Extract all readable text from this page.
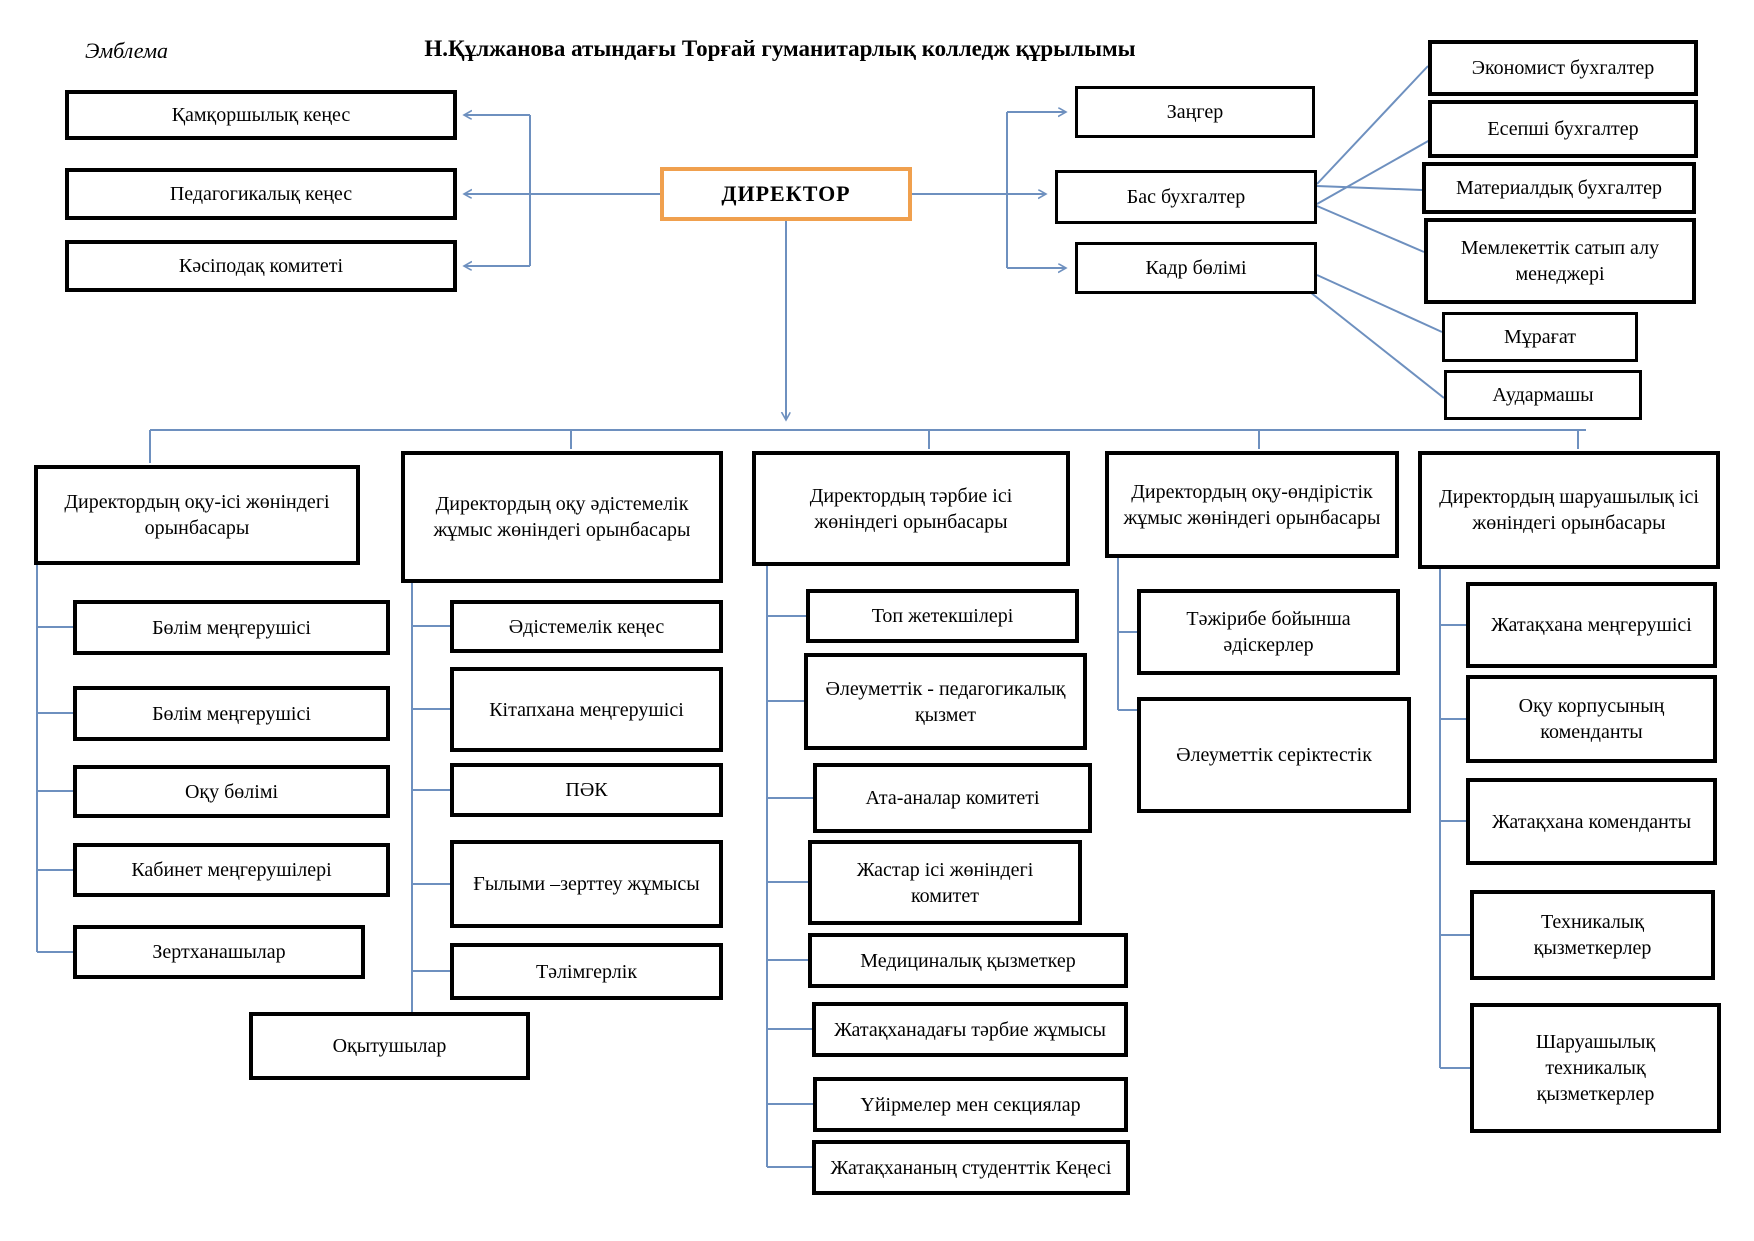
Эмблема	Н.Құлжанова атындағы Торғай гуманитарлық колледж құрылымы
Қамқоршылық кеңес
Педагогикалық кеңес
Кәсіподақ комитеті
ДИРЕКТОР
Заңгер
Бас бухгалтер
Кадр бөлімі
Экономист бухгалтер
Есепші бухгалтер
Материалдық бухгалтер
Мемлекеттік сатып алу менеджері
Мұрағат
Аудармашы
Директордың оқу-ісі жөніндегі орынбасары
Директордың оқу әдістемелік жұмыс жөніндегі орынбасары
Директордың тәрбие ісі жөніндегі орынбасары
Директордың оқу-өндірістік жұмыс жөніндегі орынбасары
Директордың шаруашылық ісі жөніндегі орынбасары
Бөлім меңгерушісі
Бөлім меңгерушісі
Оқу бөлімі
Кабинет меңгерушілері
Зертханашылар
Әдістемелік кеңес
Кітапхана меңгерушісі
ПӘК
Ғылыми –зерттеу жұмысы
Тәлімгерлік
Оқытушылар
Топ жетекшілері
Әлеуметтік - педагогикалық қызмет
Ата-аналар комитеті
Жастар ісі жөніндегі комитет
Медициналық қызметкер
Жатақханадағы тәрбие жұмысы
Үйірмелер мен секциялар
Жатақхананың студенттік Кеңесі
Тәжірибе бойынша әдіскерлер
Әлеуметтік серіктестік
Жатақхана меңгерушісі
Оқу корпусының коменданты
Жатақхана коменданты
Техникалық қызметкерлер
Шаруашылық техникалық қызметкерлер
